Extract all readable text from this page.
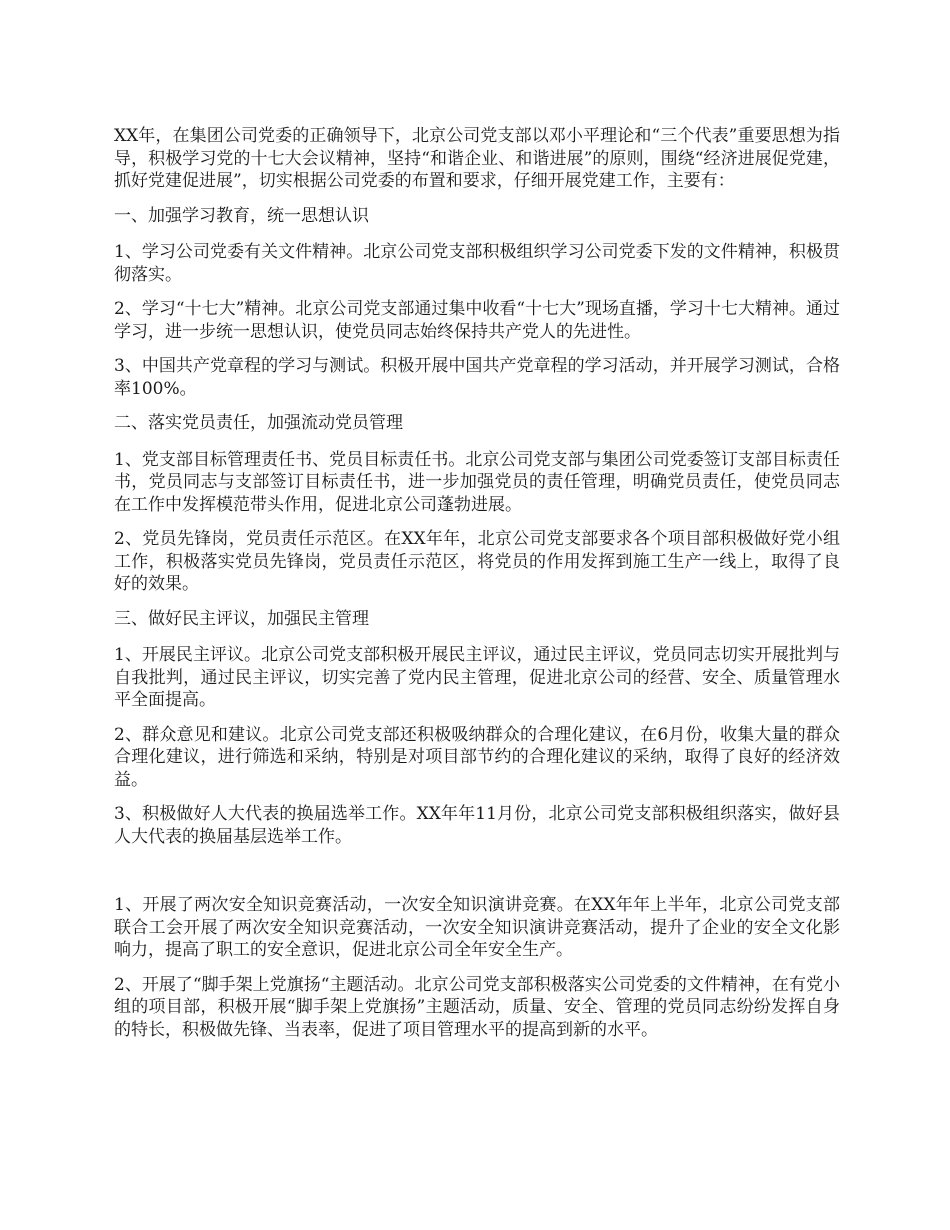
XX年，在集团公司党委的正确领导下，北京公司党支部以邓小平理论和“三个代表”重要思想为指导，积极学习党的十七大会议精神，坚持“和谐企业、和谐进展”的原则，围绕“经济进展促党建，抓好党建促进展”，切实根据公司党委的布置和要求，仔细开展党建工作，主要有：

一、加强学习教育，统一思想认识

1、学习公司党委有关文件精神。北京公司党支部积极组织学习公司党委下发的文件精神，积极贯彻落实。

2、学习“十七大”精神。北京公司党支部通过集中收看“十七大”现场直播，学习十七大精神。通过学习，进一步统一思想认识，使党员同志始终保持共产党人的先进性。

3、中国共产党章程的学习与测试。积极开展中国共产党章程的学习活动，并开展学习测试，合格率100%。

二、落实党员责任，加强流动党员管理

1、党支部目标管理责任书、党员目标责任书。北京公司党支部与集团公司党委签订支部目标责任书，党员同志与支部签订目标责任书，进一步加强党员的责任管理，明确党员责任，使党员同志在工作中发挥模范带头作用，促进北京公司蓬勃进展。

2、党员先锋岗，党员责任示范区。在XX年年，北京公司党支部要求各个项目部积极做好党小组工作，积极落实党员先锋岗，党员责任示范区，将党员的作用发挥到施工生产一线上，取得了良好的效果。

三、做好民主评议，加强民主管理

1、开展民主评议。北京公司党支部积极开展民主评议，通过民主评议，党员同志切实开展批判与自我批判，通过民主评议，切实完善了党内民主管理，促进北京公司的经营、安全、质量管理水平全面提高。

2、群众意见和建议。北京公司党支部还积极吸纳群众的合理化建议，在6月份，收集大量的群众合理化建议，进行筛选和采纳，特别是对项目部节约的合理化建议的采纳，取得了良好的经济效益。

3、积极做好人大代表的换届选举工作。XX年年11月份，北京公司党支部积极组织落实，做好县人大代表的换届基层选举工作。

1、开展了两次安全知识竞赛活动，一次安全知识演讲竞赛。在XX年年上半年，北京公司党支部联合工会开展了两次安全知识竞赛活动，一次安全知识演讲竞赛活动，提升了企业的安全文化影响力，提高了职工的安全意识，促进北京公司全年安全生产。

2、开展了“脚手架上党旗扬“主题活动。北京公司党支部积极落实公司党委的文件精神，在有党小组的项目部，积极开展“脚手架上党旗扬”主题活动，质量、安全、管理的党员同志纷纷发挥自身的特长，积极做先锋、当表率，促进了项目管理水平的提高到新的水平。
